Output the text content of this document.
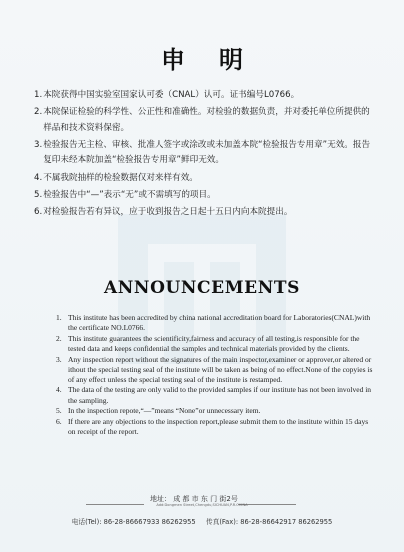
申明
1. 本院获得中国实验室国家认可委（CNAL）认可。证书编号L0766。
2. 本院保证检验的科学性、公正性和准确性。对检验的数据负责，并对委托单位所提供的样品和技术资料保密。
3. 检验报告无主检、审核、批准人签字或涂改或未加盖本院“检验报告专用章”无效。报告复印未经本院加盖“检验报告专用章”鲜印无效。
4. 不属我院抽样的检验数据仅对来样有效。
5. 检验报告中“—”表示“无”或不需填写的项目。
6. 对检验报告若有异议，应于收到报告之日起十五日内向本院提出。
ANNOUNCEMENTS
1. This institute has been accredited by china national accreditation board for Laboratories(CNAL)with the certificate NO.L0766.
2. This institute guarantees the scientificity,fairness and accuracy of all testing,is responsible for the tested data and keeps confidential the samples and technical materials provided by the clients.
3. Any inspection report without the signatures of the main inspector,examiner or approver,or altered or ithout the special testing seal of the institute will be taken as being of no effect.None of the copyies is of any effect unless the special testing seal of the institute is restamped.
4. The data of the testing are only valid to the provided samples if our institute has not been involved in the sampling.
5. In the inspection repote,“—”means “None”or unnecessary item.
6. If there are any objections to the inspection report,please submit them to the institute within 15 days on receipt of the report.
地址： 成 都 市 东 门 街2号
Add:Dongmen Street,Chengdu,SICHUAN,P.R.CHINA
电话(Tel): 86-28-86667933 86262955 传真(Fax): 86-28-86642917 86262955
